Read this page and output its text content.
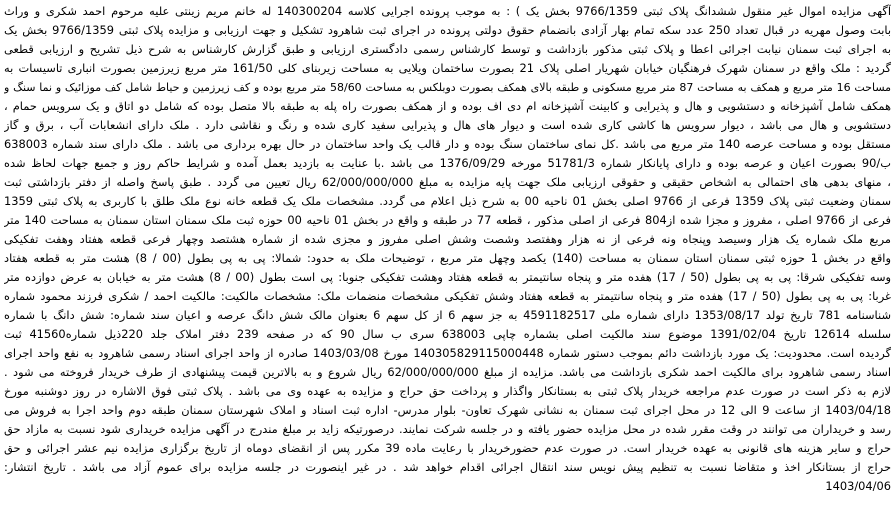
آگهی مزایده اموال غیر منقول ششدانگ پلاک ثبتی 9766/1359 بخش یک ) : به موجب پرونده اجرایی کلاسه 140300204 له خانم مریم زینتی علیه مرحوم احمد شکری و وراث
بابت وصول مهریه در قبال تعداد 250 عدد سکه تمام بهار آزادی بانضمام حقوق دولتی پرونده در اجرای ثبت شاهرود تشکیل و جهت ارزیابی و مزایده پلاک ثبتی 9766/1359 بخش یک
به اجرای ثبت سمنان نیابت اجرائی اعطا و پلاک ثبتی مذکور بازداشت و توسط کارشناس رسمی دادگستری ارزیابی و طبق گزارش کارشناس به شرح ذیل تشریح و ارزیابی قطعی
گردید : ملک واقع در سمنان شهرک فرهنگیان خیابان شهریار اصلی پلاک 21 بصورت ساختمان ویلایی به مساحت زیربنای کلی 161/50 متر مربع زیرزمین بصورت انباری تاسیسات به
مساحت 16 متر مربع و همکف به مساحت 87 متر مربع مسکونی و طبقه بالای همکف بصورت دوبلکس به مساحت 58/60 متر مربع بوده و کف زیرزمین و حیاط شامل کف موزائیک و نما سنگ و
همکف شامل آشپزخانه و دستشویی و هال و پذیرایی و کابینت آشپزخانه ام دی اف بوده و از همکف بصورت راه پله به طبقه بالا متصل بوده که شامل دو اتاق و یک سرویس حمام ،
دستشویی و هال می باشد ، دیوار سرویس ها کاشی کاری شده است و دیوار های هال و پذیرایی سفید کاری شده و رنگ و نقاشی دارد . ملک دارای انشعابات آب ، برق و گاز
مستقل بوده و مساحت عرصه 140 متر مربع می باشد .کل نمای ساختمان سنگ بوده و دار قالب یک واحد ساختمان در حال بهره برداری می باشد . ملک دارای سند شماره 638003
ب/90 بصورت اعیان و عرصه بوده و دارای پایانکار شماره 51781/3 مورخه 1376/09/29 می باشد .با عنایت به بازدید بعمل آمده و شرایط حاکم روز و جمیع جهات لحاظ شده
، منهای بدهی های احتمالی به اشخاص حقیقی و حقوقی ارزیابی ملک جهت پایه مزایده به مبلغ 62/000/000/000 ریال تعیین می گردد . طبق پاسخ واصله از دفتر بازداشتی ثبت
سمنان وضعیت ثبتی پلاک 1359 فرعی از 9766 اصلی بخش 01 ناحیه 00 به شرح ذیل اعلام می گردد. مشخصات ملک یک قطعه خانه نوع ملک طلق با کاربری به پلاک ثبتی 1359
فرعی از 9766 اصلی ، مفروز و مجزا شده از804 فرعی از اصلی مذکور ، قطعه 77 در طبقه و واقع در بخش 01 ناحیه 00 حوزه ثبت ملک سمنان استان سمنان به مساحت 140 متر
مربع ملک شماره یک هزار وسیصد وپنجاه ونه فرعی از نه هزار وهفتصد وشصت وشش اصلی مفروز و مجزی شده از شماره هشتصد وچهار فرعی قطعه هفتاد وهفت تفکیکی
واقع در بخش 1 حوزه ثبتی سمنان استان سمنان به مساحت (140) یکصد وچهل متر مربع ، توضیحات ملک به حدود: شمالا: پی به پی بطول (00 / 8) هشت متر به قطعه هفتاد
وسه تفکیکی شرقا: پی به پی بطول (50 / 17) هفده متر و پنجاه سانتیمتر به قطعه هفتاد وهشت تفکیکی جنوبا: پی است بطول (00 / 8) هشت متر به خیابان به عرض دوازده متر
غربا: پی به پی بطول (50 / 17) هفده متر و پنجاه سانتیمتر به قطعه هفتاد وشش تفکیکی مشخصات منضمات ملک: مشخصات مالکیت: مالکیت احمد / شکری فرزند محمود شماره
شناسنامه 781 تاریخ تولد 1353/08/17 دارای شماره ملی 4591182517 به جز سهم 6 از کل سهم 6 بعنوان مالک شش دانگ عرصه و اعیان سند شماره: شش دانگ با شماره
سلسله 12614 تاریخ 1391/02/04 موضوع سند مالکیت اصلی بشماره چاپی 638003 سری ب سال 90 که در صفحه 239 دفتر املاک جلد 220ذیل شماره41560 ثبت
گردیده است. محدودیت: یک مورد بازداشت دائم بموجب دستور شماره 140305829115000448 مورخ 1403/03/08 صادره از واحد اجرای اسناد رسمی شاهرود به نفع واحد اجرای
اسناد رسمی شاهرود برای مالکیت احمد شکری بازداشت می باشد. مزایده از مبلغ 62/000/000/000 ریال شروع و به بالاترین قیمت پیشنهادی از طرف خریدار فروخته می شود .
لازم به ذکر است در صورت عدم مراجعه خریدار پلاک ثبتی به بستانکار واگذار و پرداخت حق حراج و مزایده به عهده وی می باشد . پلاک ثبتی فوق الاشاره در روز دوشنبه مورخ
1403/04/18 از ساعت 9 الی 12 در محل اجرای ثبت سمنان به نشانی شهرک تعاون- بلوار مدرس- اداره ثبت اسناد و املاک شهرستان سمنان طبقه دوم واحد اجرا به فروش می
رسد و خریداران می توانند در وقت مقرر شده در محل مزایده حضور یافته و در جلسه شرکت نمایند. درصورتیکه زاید بر مبلغ مندرج در آگهی مزایده خریداری شود نسبت به مازاد حق
حراج و سایر هزینه های قانونی به عهده خریدار است. در صورت عدم حضورخریدار با رعایت ماده 39 مکرر پس از انقضای دوماه از تاریخ برگزاری مزایده نیم عشر اجرائی و حق
حراج از بستانکار اخذ و متقاضا نسبت به تنظیم پیش نویس سند انتقال اجرائی اقدام خواهد شد . در غیر اینصورت در جلسه مزایده برای عموم آزاد می باشد . تاریخ انتشار:
1403/04/06
